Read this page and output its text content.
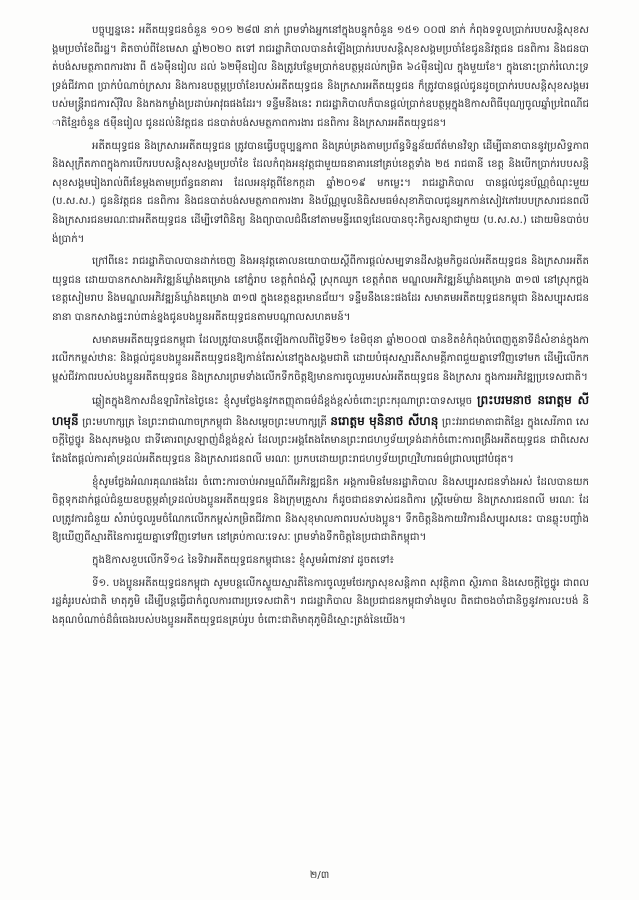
បច្ចុប្បន្ននេះ អតីតយុទ្ធជនចំនួន ១០១ ២៨៧ នាក់ ព្រមទាំងអ្នកនៅក្នុងបន្ទុកចំនួន ១៥១ ០០៧ នាក់ កំពុងទទួលប្រាក់របបសន្តិសុខសង្គមប្រចាំខែពីរដ្ឋ។ គិតចាប់ពីខែមេសា ឆ្នាំ២០២០ តទៅ រាជរដ្ឋាភិបាលបានតំឡើងប្រាក់របបសន្តិសុខសង្គមប្រចាំខែជូននិវត្តជន ជនពិការ និងជនបាត់បង់សមត្ថភាពការងារ ពី ៥៦ម៉ឺនរៀល ដល់ ៦២ម៉ឺនរៀល និងត្រូវបន្ថែមប្រាក់ឧបត្ថម្ភដល់កម្រិត ៦៤ម៉ឺនរៀល ក្នុងមួយខែ។ ក្នុងនោះប្រាក់រំលោះទ្រទ្រង់ជីវភាព ប្រាក់បំណាច់ក្រសារ និងការឧបត្ថម្ភប្រចាំខែរបស់អតីតយុទ្ធជន និងក្រសារអតីតយុទ្ធជន ក៏ត្រូវបានផ្តល់ជូនដូចប្រាក់របបសន្តិសុខសង្គមរបស់មន្ត្រីរាជការស៊ីវិល និងកងកម្លាំងប្រដាប់អាវុធផងដែរ។ ទន្ទឹមនឹងនេះ រាជរដ្ឋាភិបាលក៏បានផ្តល់ប្រាក់ឧបត្ថម្ភក្នុងឱកាសពិធីបុណ្យចូលឆ្នាំប្រពៃណីជាតិខ្មែរចំនួន ៥ម៉ឺនរៀល ជូនដល់និវត្តជន ជនបាត់បង់សមត្ថភាពការងារ ជនពិការ និងក្រសារអតីតយុទ្ធជន។

អតីតយុទ្ធជន និងក្រសារអតីតយុទ្ធជន ត្រូវបានធ្វើបច្ចុប្បន្នភាព និងគ្រប់គ្រងតាមប្រព័ន្ធទិន្នន័យព័ត៌មានវិទ្យា ដើម្បីធានាបាននូវប្រសិទ្ធភាព និងសុក្រឹតភាពក្នុងការបើករបបសន្តិសុខសង្គមប្រចាំខែ ដែលកំពុងអនុវត្តជាមួយធនាគារនៅគ្រប់ខេត្តទាំង ២៥ រាជធានី ខេត្ត និងបើកប្រាក់របបសន្តិសុខសង្គមរៀងរាល់ពីរខែម្តងតាមប្រព័ន្ធធនាគារ ដែលអនុវត្តពីខែកក្កដា ឆ្នាំ២០១៩ មកម្លេះ។ រាជរដ្ឋាភិបាល បានផ្តល់ជូនប័ណ្ណចំណុះមួយ (ប.ស.ស.) ជូននិវត្តជន ជនពិការ និងជនបាត់បង់សមត្ថភាពការងារ និងប័ណ្ណមូលនិធិសមធម៌សុខាភិបាលជូនអ្នកកាន់សៀវភៅរបបក្រសារជនពលី និងក្រសារជនមរណៈជាអតីតយុទ្ធជន ដើម្បីទៅពិនិត្យ និងព្យាបាលជំងឺនៅតាមមន្ទីរពេទ្យដែលបានចុះកិច្ចសន្យាជាមួយ (ប.ស.ស.) ដោយមិនបាច់បង់ប្រាក់។

ក្រៅពីនេះ រាជរដ្ឋាភិបាលបានដាក់ចេញ និងអនុវត្តគោលនយោបាយស្តីពីការផ្តល់សម្បទានដីសង្គមកិច្ចដល់អតីតយុទ្ធជន និងក្រសារអតីតយុទ្ធជន ដោយបានកសាងអភិវឌ្ឍន៍ឃ្លាំងគម្រោង នៅភ្នំរាប ខេត្តកំពង់ស្ពឺ ស្រុកឈូក ខេត្តកំពត មណ្ឌលអភិវឌ្ឍន៍ឃ្លាំងគម្រោង ៣១៧ នៅស្រុកថ្ពង ខេត្តសៀមរាប និងមណ្ឌលអភិវឌ្ឍន៍ឃ្លាំងគម្រោង ៣១៧ ក្នុងខេត្តឧត្តរមានជ័យ។ ទន្ទឹមនឹងនេះផងដែរ សមាគមអតីតយុទ្ធជនកម្ពុជា និងសប្បុរសជននានា បានកសាងផ្ទះរាប់ពាន់ខ្នងជូនបងប្អូនអតីតយុទ្ធជនតាមបណ្តាលសហគមន៍។

សមាគមអតីតយុទ្ធជនកម្ពុជា ដែលត្រូវបានបង្កើតឡើងកាលពីថ្ងៃទី២១ ខែមិថុនា ឆ្នាំ២០០៧ បានខិតខំកំពុងបំពេញតួនាទីដ៏សំខាន់ក្នុងការលើកកម្ពស់ឋានៈ និងផ្តល់ជូនបងប្អូនអតីតយុទ្ធជនឱ្យកាន់តែរស់នៅក្នុងសង្គមជាតិ ដោយបំផុសស្មារតីសាមគ្គីភាពជួយគ្នាទៅវិញទៅមក ដើម្បីលើកកម្ពស់ជីវភាពរបស់បងប្អូនអតីតយុទ្ធជន និងក្រសារព្រមទាំងលើកទឹកចិត្តឱ្យមានការចូលរួមរបស់អតីតយុទ្ធជន និងក្រសារ ក្នុងការអភិវឌ្ឍប្រទេសជាតិ។

ឆ្លៀតក្នុងឱកាសដ៏ឧឡារិកនៃថ្ងៃនេះ ខ្ញុំសូមថ្លែងនូវកតញ្ញុតាធម៌ដ៏ខ្ពង់ខ្ពស់ចំពោះព្រះករុណាព្រះបាទសម្តេច ព្រះបរមនាថ នរោត្តម សីហមុនី ព្រះមហាក្សត្រ នៃព្រះរាជាណាចក្រកម្ពុជា និងសម្តេចព្រះមហាក្សត្រី នរោត្តម មុនិនាថ សីហនុ ព្រះវររាជមាតាជាតិខ្មែរ ក្នុងសេរីភាព សេចក្តីថ្លៃថ្នូរ និងសុភមង្គល ជាទីគោរពស្រឡាញ់ដ៏ខ្ពង់ខ្ពស់ ដែលព្រះអង្គតែងតែមានព្រះរាជហឫទ័យទ្រង់ដាក់ចំពោះការពង្រឹងអតីតយុទ្ធជន ជាពិសេសតែងតែផ្តល់ការគាំទ្រដល់អតីតយុទ្ធជន និងក្រសារជនពលី មរណៈ ប្រកបដោយព្រះរាជហឫទ័យព្រហ្មវិហារធម៌ជ្រាលជ្រៅបំផុត។

ខ្ញុំសូមថ្លែងអំណរគុណផងដែរ ចំពោះការចាប់អារម្មណ៍ពីអភិវឌ្ឍជនិក អង្គការមិនមែនរដ្ឋាភិបាល និងសប្បុរសជនទាំងអស់ ដែលបានយកចិត្តទុកដាក់ផ្តល់ជំនួយឧបត្ថម្ភគាំទ្រដល់បងប្អូនអតីតយុទ្ធជន និងក្រុមគ្រួសារ ក៏ដូចជាជនទាស់ជនពិការ ស្ត្រីមេម៉ាយ និងក្រសារជនពលី មរណៈ ដែលត្រូវការជំនួយ សំរាប់ចូលរួមចំណែកលើកកម្ពស់កម្រិតជីវភាព និងសុខុមាលភាពរបស់បងប្អូន។ ទឹកចិត្តនិងកាយវិការដ៏សប្បុរសនេះ បានឆ្លុះបញ្ចាំងឱ្យឃើញពីស្មារតីនៃការជួយគ្នាទៅវិញទៅមក នៅគ្រប់កាលៈទេសៈ ព្រមទាំងទឹកចិត្តនៃប្រជាជាតិកម្ពុជា។

ក្នុងឱកាសខួបលើកទី១៤ នៃទិវាអតីតយុទ្ធជនកម្ពុជានេះ ខ្ញុំសូមអំពាវនាវ ដូចតទៅ៖

ទី១. បងប្អូនអតីតយុទ្ធជនកម្ពុជា សូមបន្តលើកស្ទួយស្មារតីនៃការចូលរួមថែរក្សាសុខសន្តិភាព សុវត្ថិភាព ស្ថិរភាព និងសេចក្តីថ្លៃថ្នូរ ជាពលរដ្ឋគំរូរបស់ជាតិ មាតុភូមិ ដើម្បីបន្តធ្វើជាកំពូលការពារប្រទេសជាតិ។ រាជរដ្ឋាភិបាល និងប្រជាជនកម្ពុជាទាំងមូល ពិតជាចងចាំជានិច្ចនូវការលះបង់ និងគុណបំណាច់ដ៏ធំធេងរបស់បងប្អូនអតីតយុទ្ធជនគ្រប់រូប ចំពោះជាតិមាតុភូមិដ៏ស្មោះត្រង់នៃយើង។

២/៣
